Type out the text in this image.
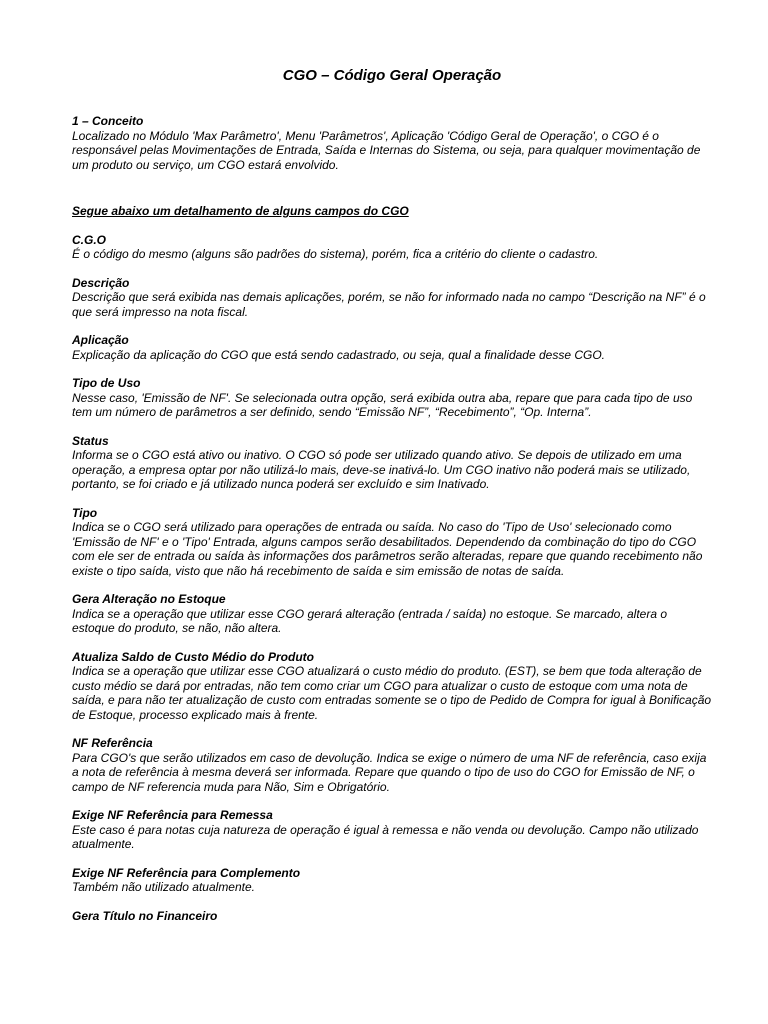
CGO – Código Geral Operação

1 – Conceito

Localizado no Módulo 'Max Parâmetro', Menu 'Parâmetros', Aplicação 'Código Geral de Operação', o CGO é o responsável pelas Movimentações de Entrada, Saída e Internas do Sistema, ou seja, para qualquer movimentação de um produto ou serviço, um CGO estará envolvido.

Segue abaixo um detalhamento de alguns campos do CGO

C.G.O

É o código do mesmo (alguns são padrões do sistema), porém, fica a critério do cliente o cadastro.

Descrição

Descrição que será exibida nas demais aplicações, porém, se não for informado nada no campo “Descrição na NF” é o que será impresso na nota fiscal.

Aplicação

Explicação da aplicação do CGO que está sendo cadastrado, ou seja, qual a finalidade desse CGO.

Tipo de Uso

Nesse caso, 'Emissão de NF'. Se selecionada outra opção, será exibida outra aba, repare que para cada tipo de uso tem um número de parâmetros a ser definido, sendo “Emissão NF”, “Recebimento”, “Op. Interna”.

Status

Informa se o CGO está ativo ou inativo. O CGO só pode ser utilizado quando ativo. Se depois de utilizado em uma operação, a empresa optar por não utilizá-lo mais, deve-se inativá-lo. Um CGO inativo não poderá mais se utilizado, portanto, se foi criado e já utilizado nunca poderá ser excluído e sim Inativado.

Tipo

Indica se o CGO será utilizado para operações de entrada ou saída. No caso do 'Tipo de Uso' selecionado como 'Emissão de NF' e o 'Tipo' Entrada, alguns campos serão desabilitados. Dependendo da combinação do tipo do CGO com ele ser de entrada ou saída às informações dos parâmetros serão alteradas, repare que quando recebimento não existe o tipo saída, visto que não há recebimento de saída e sim emissão de notas de saída.

Gera Alteração no Estoque

Indica se a operação que utilizar esse CGO gerará alteração (entrada / saída) no estoque. Se marcado, altera o estoque do produto, se não, não altera.

Atualiza Saldo de Custo Médio do Produto

Indica se a operação que utilizar esse CGO atualizará o custo médio do produto. (EST), se bem que toda alteração de custo médio se dará por entradas, não tem como criar um CGO para atualizar o custo de estoque com uma nota de saída, e para não ter atualização de custo com entradas somente se o tipo de Pedido de Compra for igual à Bonificação de Estoque, processo explicado mais à frente.

NF Referência

Para CGO's que serão utilizados em caso de devolução. Indica se exige o número de uma NF de referência, caso exija a nota de referência à mesma deverá ser informada. Repare que quando o tipo de uso do CGO for Emissão de NF, o campo de NF referencia muda para Não, Sim e Obrigatório.

Exige NF Referência para Remessa

Este caso é para notas cuja natureza de operação é igual à remessa e não venda ou devolução. Campo não utilizado atualmente.

Exige NF Referência para Complemento

Também não utilizado atualmente.

Gera Título no Financeiro
